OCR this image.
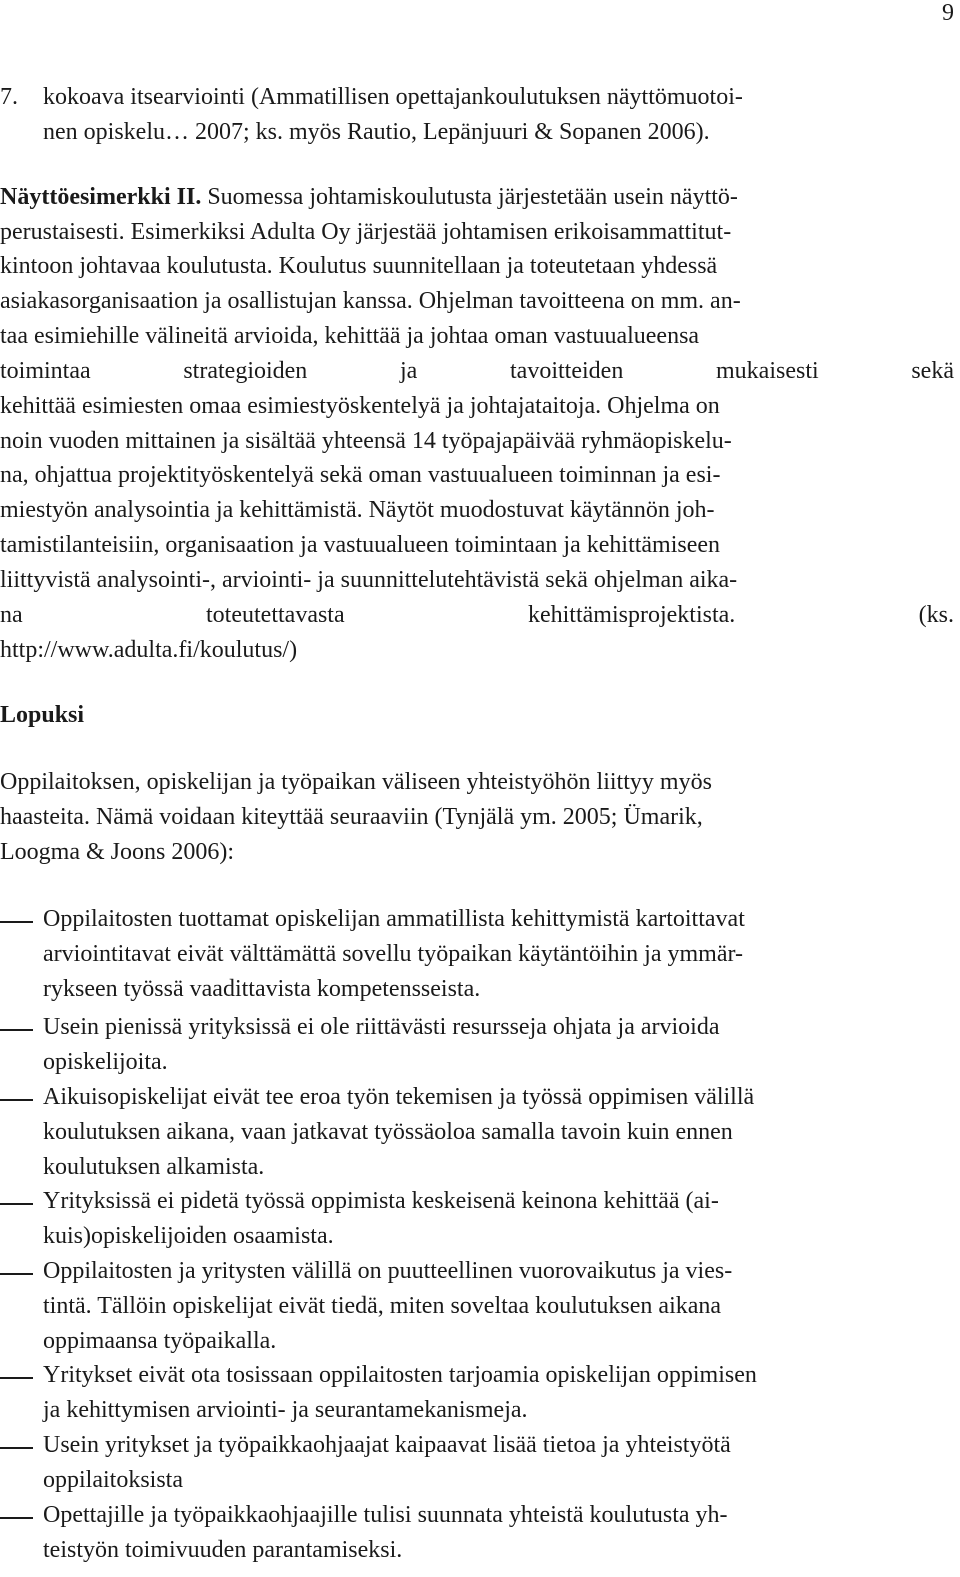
9
7. kokoava itsearviointi (Ammatillisen opettajankoulutuksen näyttömuotoi-
nen opiskelu… 2007; ks. myös Rautio, Lepänjuuri & Sopanen 2006).
Näyttöesimerkki II. Suomessa johtamiskoulutusta järjestetään usein näyttö-
perustaisesti. Esimerkiksi Adulta Oy järjestää johtamisen erikoisammattitut-
kintoon johtavaa koulutusta. Koulutus suunnitellaan ja toteutetaan yhdessä
asiakasorganisaation ja osallistujan kanssa. Ohjelman tavoitteena on mm. an-
taa esimiehille välineitä arvioida, kehittää ja johtaa oman vastuualueensa
toimintaa	strategioiden	ja	tavoitteiden	mukaisesti	sekä
kehittää esimiesten omaa esimiestyöskentelyä ja johtajataitoja. Ohjelma on
noin vuoden mittainen ja sisältää yhteensä 14 työpajapäivää ryhmäopiskelu-
na, ohjattua projektityöskentelyä sekä oman vastuualueen toiminnan ja esi-
miestyön analysointia ja kehittämistä. Näytöt muodostuvat käytännön joh-
tamistilanteisiin, organisaation ja vastuualueen toimintaan ja kehittämiseen
liittyvistä analysointi-, arviointi- ja suunnittelutehtävistä sekä ohjelman aika-
na	toteutettavasta	kehittämisprojektista.	(ks.
http://www.adulta.fi/koulutus/)
Lopuksi
Oppilaitoksen, opiskelijan ja työpaikan väliseen yhteistyöhön liittyy myös
haasteita. Nämä voidaan kiteyttää seuraaviin (Tynjälä ym. 2005; Ümarik,
Loogma & Joons 2006):
Oppilaitosten tuottamat opiskelijan ammatillista kehittymistä kartoittavat
arviointitavat eivät välttämättä sovellu työpaikan käytäntöihin ja ymmär-
rykseen työssä vaadittavista kompetensseista.
Usein pienissä yrityksissä ei ole riittävästi resursseja ohjata ja arvioida
opiskelijoita.
Aikuisopiskelijat eivät tee eroa työn tekemisen ja työssä oppimisen välillä
koulutuksen aikana, vaan jatkavat työssäoloa samalla tavoin kuin ennen
koulutuksen alkamista.
Yrityksissä ei pidetä työssä oppimista keskeisenä keinona kehittää (ai-
kuis)opiskelijoiden osaamista.
Oppilaitosten ja yritysten välillä on puutteellinen vuorovaikutus ja vies-
tintä. Tällöin opiskelijat eivät tiedä, miten soveltaa koulutuksen aikana
oppimaansa työpaikalla.
Yritykset eivät ota tosissaan oppilaitosten tarjoamia opiskelijan oppimisen
ja kehittymisen arviointi- ja seurantamekanismeja.
Usein yritykset ja työpaikkaohjaajat kaipaavat lisää tietoa ja yhteistyötä
oppilaitoksista
Opettajille ja työpaikkaohjaajille tulisi suunnata yhteistä koulutusta yh-
teistyön toimivuuden parantamiseksi.
